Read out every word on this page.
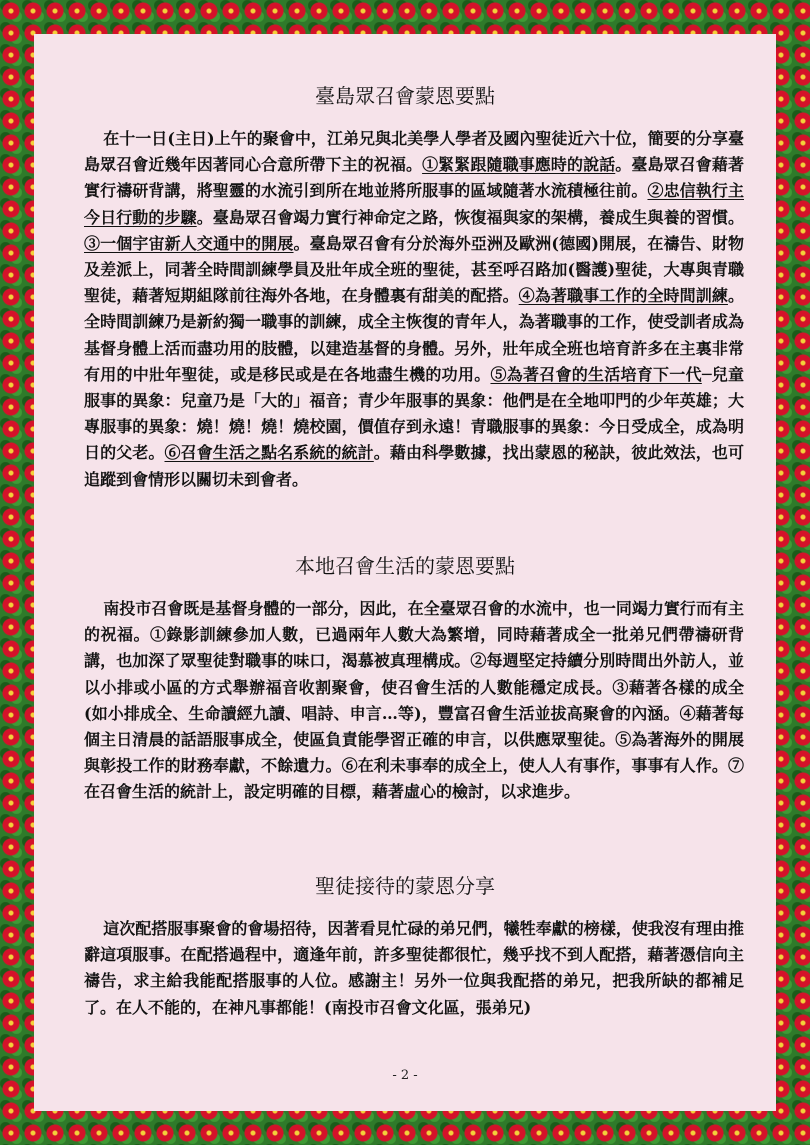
臺島眾召會蒙恩要點
在十一日(主日)上午的聚會中，江弟兄與北美學人學者及國內聖徒近六十位，簡要的分享臺島眾召會近幾年因著同心合意所帶下主的祝福。①緊緊跟隨職事應時的說話。臺島眾召會藉著實行禱研背講，將聖靈的水流引到所在地並將所服事的區域隨著水流積極往前。②忠信執行主今日行動的步驟。臺島眾召會竭力實行神命定之路，恢復福與家的架構，養成生與養的習慣。③一個宇宙新人交通中的開展。臺島眾召會有分於海外亞洲及歐洲(德國)開展，在禱告、財物及差派上，同著全時間訓練學員及壯年成全班的聖徒，甚至呼召路加(醫護)聖徒，大專與青職聖徒，藉著短期組隊前往海外各地，在身體裏有甜美的配搭。④為著職事工作的全時間訓練。全時間訓練乃是新約獨一職事的訓練，成全主恢復的青年人，為著職事的工作，使受訓者成為基督身體上活而盡功用的肢體，以建造基督的身體。另外，壯年成全班也培育許多在主裏非常有用的中壯年聖徒，或是移民或是在各地盡生機的功用。⑤為著召會的生活培育下一代─兒童服事的異象：兒童乃是「大的」福音；青少年服事的異象：他們是在全地叩門的少年英雄；大專服事的異象：燒！燒！燒！燒校園，價值存到永遠！青職服事的異象：今日受成全，成為明日的父老。⑥召會生活之點名系統的統計。藉由科學數據，找出蒙恩的秘訣，彼此效法，也可追蹤到會情形以關切未到會者。
本地召會生活的蒙恩要點
南投市召會既是基督身體的一部分，因此，在全臺眾召會的水流中，也一同竭力實行而有主的祝福。①錄影訓練參加人數，已過兩年人數大為繁增，同時藉著成全一批弟兄們帶禱研背講，也加深了眾聖徒對職事的味口，渴慕被真理構成。②每週堅定持續分別時間出外訪人，並以小排或小區的方式舉辦福音收割聚會，使召會生活的人數能穩定成長。③藉著各樣的成全(如小排成全、生命讀經九讀、唱詩、申言…等)，豐富召會生活並拔高聚會的內涵。④藉著每個主日清晨的話語服事成全，使區負責能學習正確的申言，以供應眾聖徒。⑤為著海外的開展與彰投工作的財務奉獻，不餘遺力。⑥在利未事奉的成全上，使人人有事作，事事有人作。⑦在召會生活的統計上，設定明確的目標，藉著虛心的檢討，以求進步。
聖徒接待的蒙恩分享
這次配搭服事聚會的會場招待，因著看見忙碌的弟兄們，犧牲奉獻的榜樣，使我沒有理由推辭這項服事。在配搭過程中，適逢年前，許多聖徒都很忙，幾乎找不到人配搭，藉著憑信向主禱告，求主給我能配搭服事的人位。感謝主！另外一位與我配搭的弟兄，把我所缺的都補足了。在人不能的，在神凡事都能！(南投市召會文化區，張弟兄)
- 2 -
